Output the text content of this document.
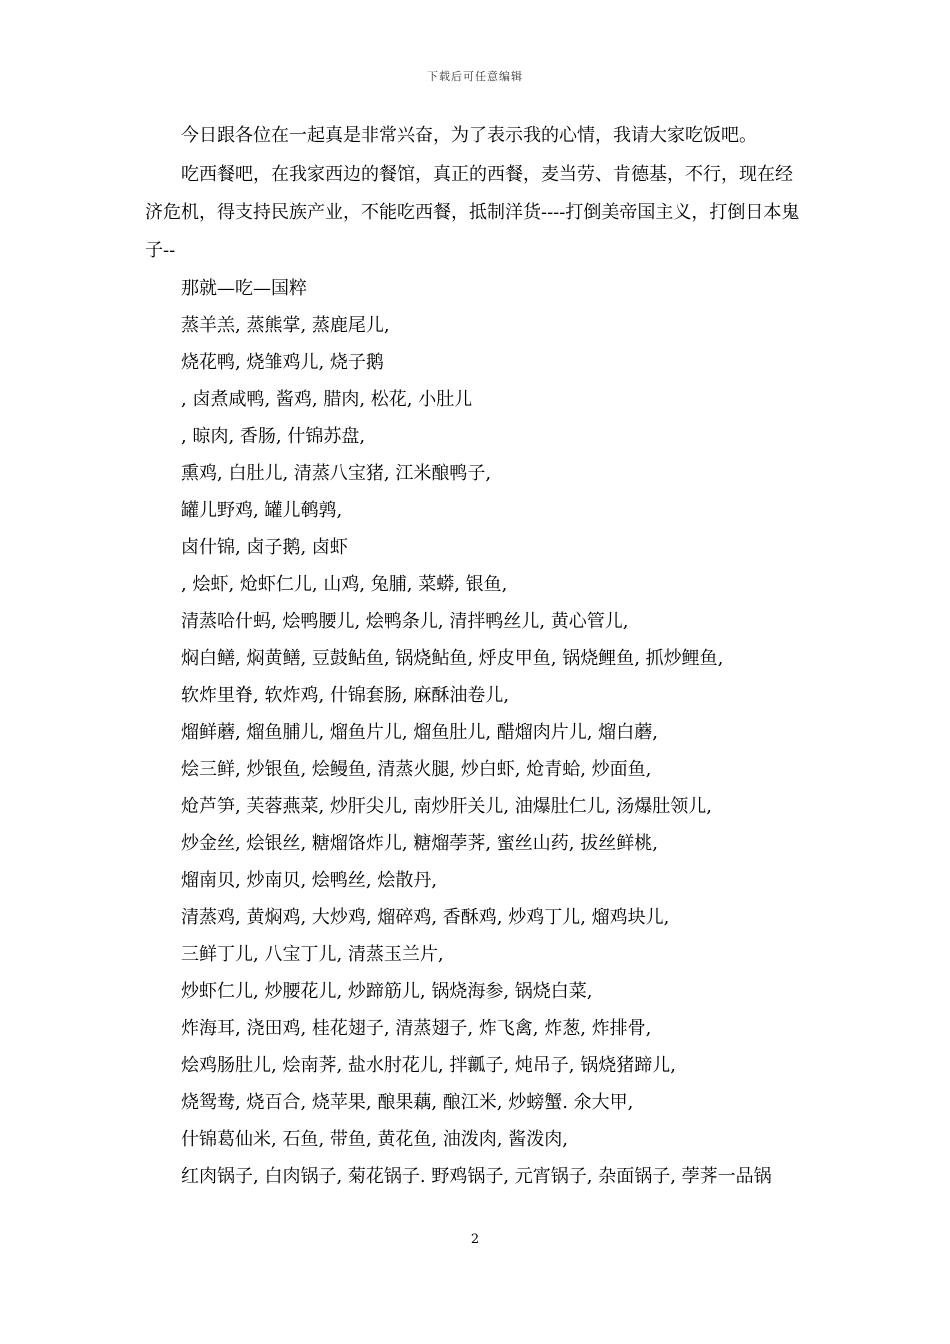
下载后可任意编辑

今日跟各位在一起真是非常兴奋，为了表示我的心情，我请大家吃饭吧。

吃西餐吧，在我家西边的餐馆，真正的西餐，麦当劳、肯德基，不行，现在经济危机，得支持民族产业，不能吃西餐，抵制洋货----打倒美帝国主义，打倒日本鬼子--

那就—吃—国粹

蒸羊羔, 蒸熊掌, 蒸鹿尾儿,

烧花鸭, 烧雏鸡儿, 烧子鹅

, 卤煮咸鸭, 酱鸡, 腊肉, 松花, 小肚儿

, 晾肉, 香肠, 什锦苏盘,

熏鸡, 白肚儿, 清蒸八宝猪, 江米酿鸭子,

罐儿野鸡, 罐儿鹌鹑,

卤什锦, 卤子鹅, 卤虾

, 烩虾, 炝虾仁儿, 山鸡, 兔脯, 菜蟒, 银鱼,

清蒸哈什蚂, 烩鸭腰儿, 烩鸭条儿, 清拌鸭丝儿, 黄心管儿,

焖白鳝, 焖黄鳝, 豆鼓鲇鱼, 锅烧鲇鱼, 烀皮甲鱼, 锅烧鲤鱼, 抓炒鲤鱼,

软炸里脊, 软炸鸡, 什锦套肠, 麻酥油卷儿,

熘鲜蘑, 熘鱼脯儿, 熘鱼片儿, 熘鱼肚儿, 醋熘肉片儿, 熘白蘑,

烩三鲜, 炒银鱼, 烩鳗鱼, 清蒸火腿, 炒白虾, 炝青蛤, 炒面鱼,

炝芦笋, 芙蓉燕菜, 炒肝尖儿, 南炒肝关儿, 油爆肚仁儿, 汤爆肚领儿,

炒金丝, 烩银丝, 糖熘饹炸儿, 糖熘荸荠, 蜜丝山药, 拔丝鲜桃,

熘南贝, 炒南贝, 烩鸭丝, 烩散丹,

清蒸鸡, 黄焖鸡, 大炒鸡, 熘碎鸡, 香酥鸡, 炒鸡丁儿, 熘鸡块儿,

三鲜丁儿, 八宝丁儿, 清蒸玉兰片,

炒虾仁儿, 炒腰花儿, 炒蹄筋儿, 锅烧海参, 锅烧白菜,

炸海耳, 浇田鸡, 桂花翅子, 清蒸翅子, 炸飞禽, 炸葱, 炸排骨,

烩鸡肠肚儿, 烩南荠, 盐水肘花儿, 拌瓤子, 炖吊子, 锅烧猪蹄儿,

烧鸳鸯, 烧百合, 烧苹果, 酿果藕, 酿江米, 炒螃蟹. 氽大甲,

什锦葛仙米, 石鱼, 带鱼, 黄花鱼, 油泼肉, 酱泼肉,

红肉锅子, 白肉锅子, 菊花锅子. 野鸡锅子, 元宵锅子, 杂面锅子, 荸荠一品锅

2
